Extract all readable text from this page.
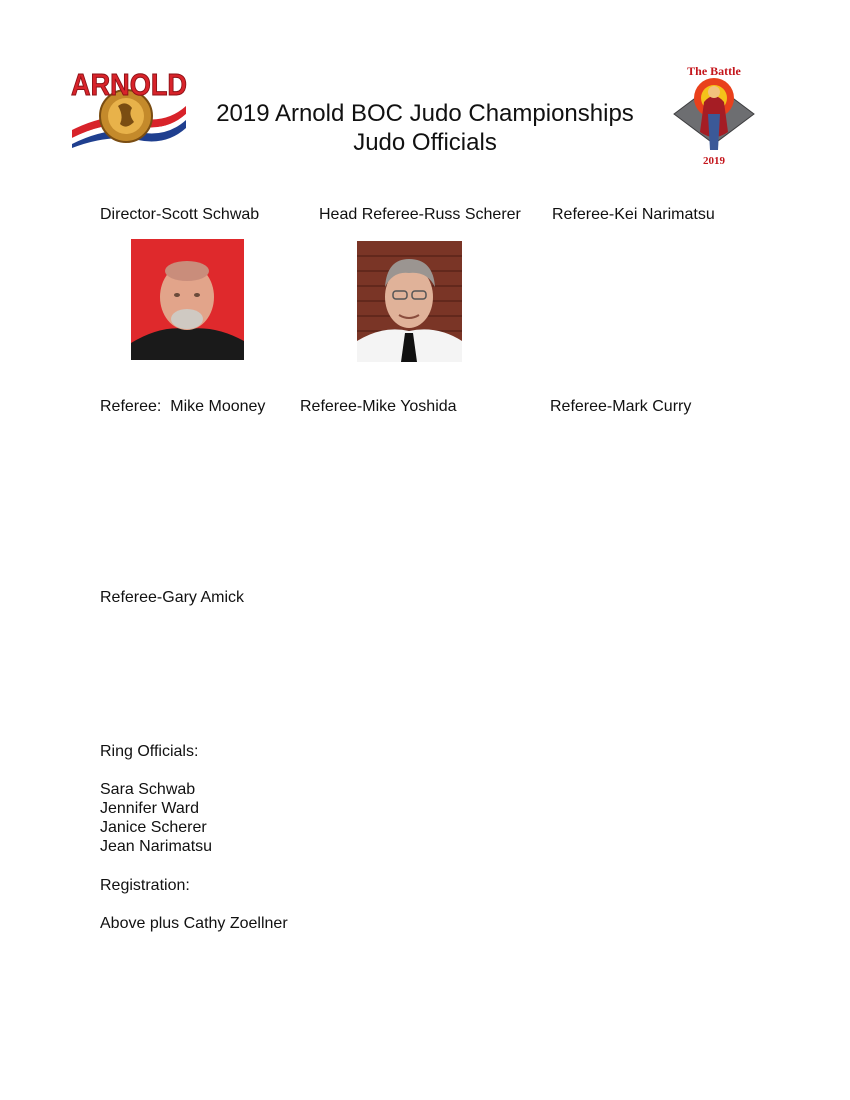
ARNOLD	The Battle
2019
2019 Arnold BOC Judo Championships
Judo Officials
Director-Scott Schwab	Head Referee-Russ Scherer Referee-Kei Narimatsu
Referee:  Mike Mooney Referee-Mike Yoshida	Referee-Mark Curry
Referee-Gary Amick
Ring Officials:
Sara Schwab
Jennifer Ward
Janice Scherer
Jean Narimatsu
Registration:
Above plus Cathy Zoellner
